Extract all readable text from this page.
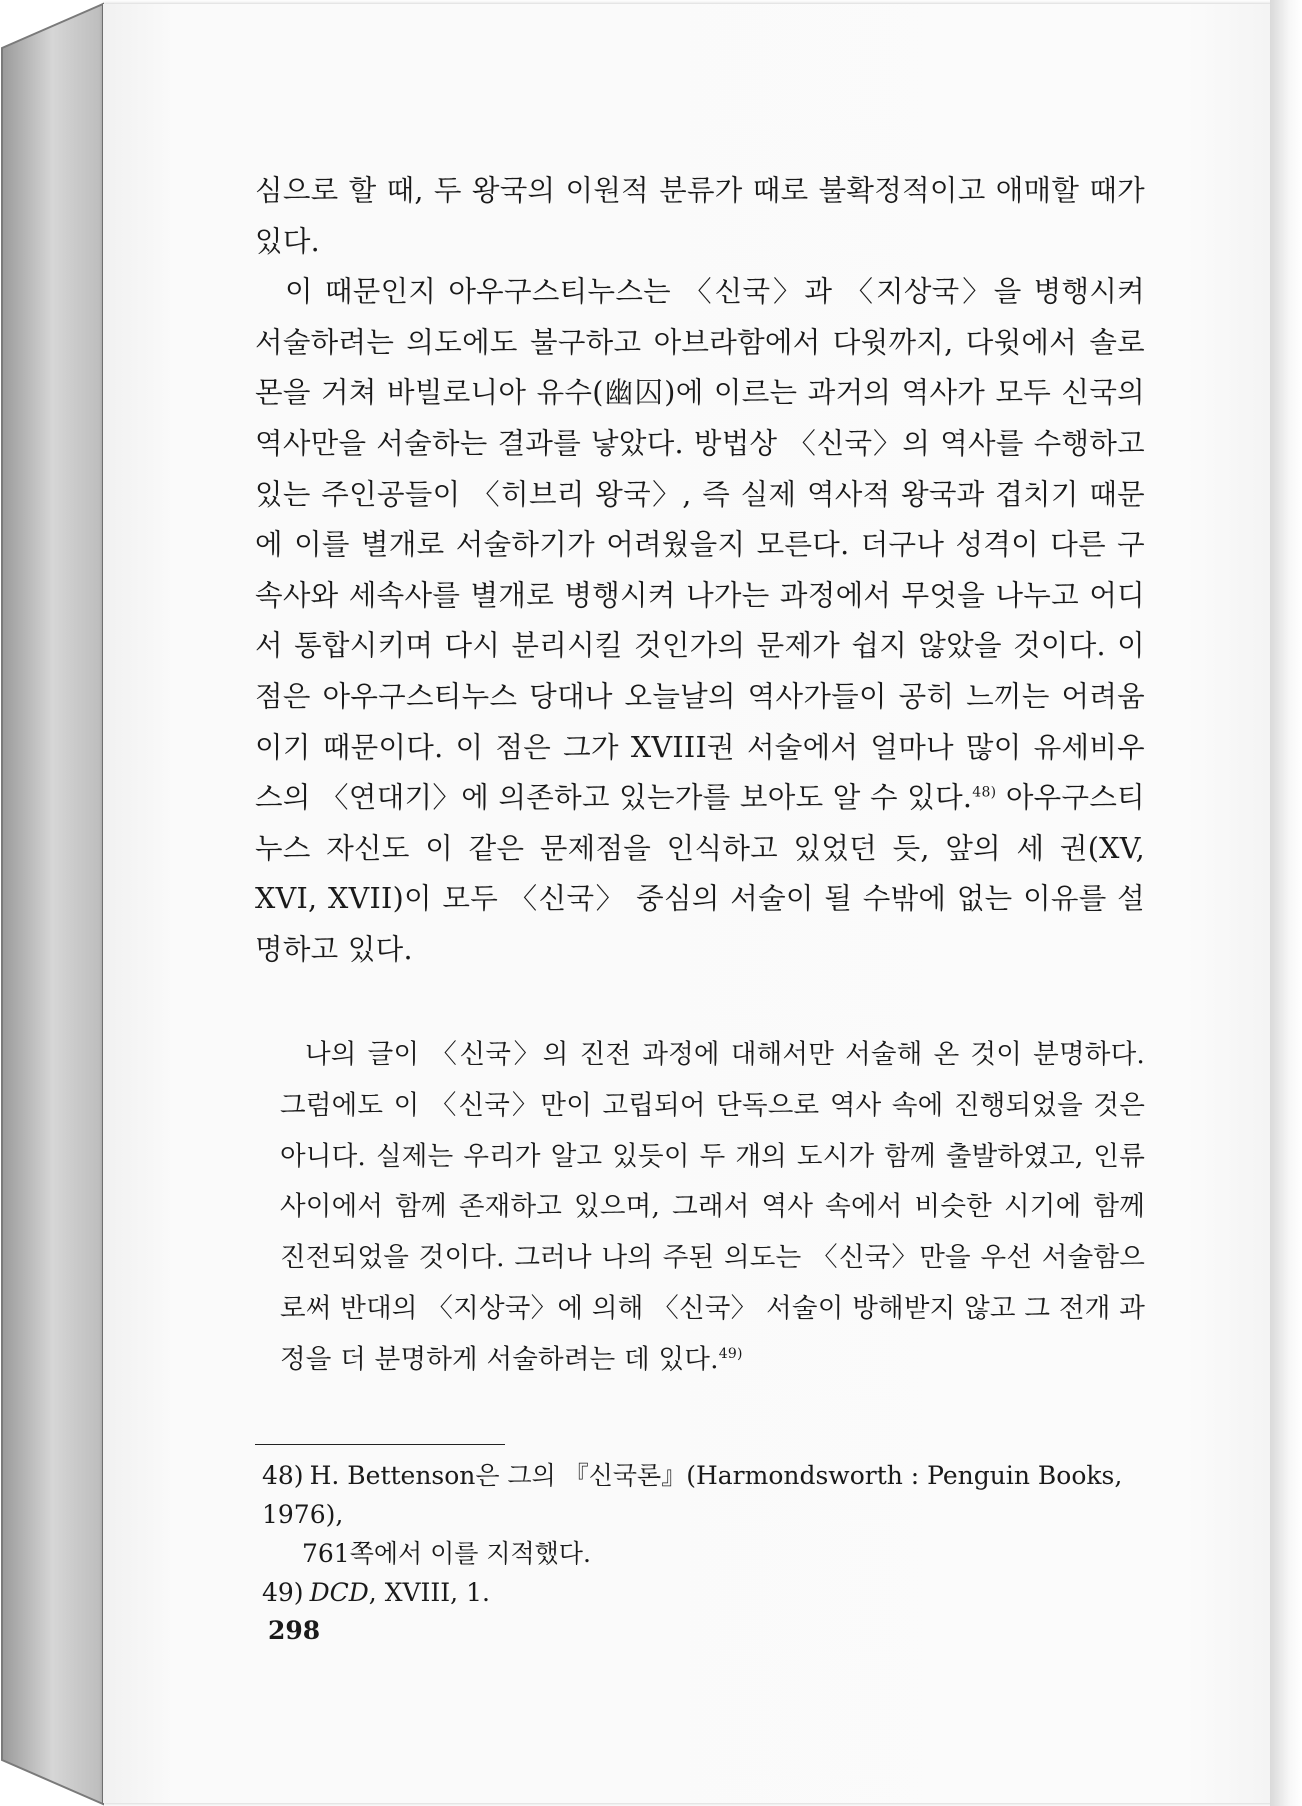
심으로 할 때, 두 왕국의 이원적 분류가 때로 불확정적이고 애매할 때가 있다.

이 때문인지 아우구스티누스는 〈신국〉과 〈지상국〉을 병행시켜 서술하려는 의도에도 불구하고 아브라함에서 다윗까지, 다윗에서 솔로몬을 거쳐 바빌로니아 유수(幽囚)에 이르는 과거의 역사가 모두 신국의 역사만을 서술하는 결과를 낳았다. 방법상 〈신국〉의 역사를 수행하고 있는 주인공들이 〈히브리 왕국〉, 즉 실제 역사적 왕국과 겹치기 때문에 이를 별개로 서술하기가 어려웠을지 모른다. 더구나 성격이 다른 구속사와 세속사를 별개로 병행시켜 나가는 과정에서 무엇을 나누고 어디서 통합시키며 다시 분리시킬 것인가의 문제가 쉽지 않았을 것이다. 이 점은 아우구스티누스 당대나 오늘날의 역사가들이 공히 느끼는 어려움이기 때문이다. 이 점은 그가 XVIII권 서술에서 얼마나 많이 유세비우스의 〈연대기〉에 의존하고 있는가를 보아도 알 수 있다.$^{48)}$ 아우구스티누스 자신도 이 같은 문제점을 인식하고 있었던 듯, 앞의 세 권(XV, XVI, XVII)이 모두 〈신국〉 중심의 서술이 될 수밖에 없는 이유를 설명하고 있다.

나의 글이 〈신국〉의 진전 과정에 대해서만 서술해 온 것이 분명하다. 그럼에도 이 〈신국〉만이 고립되어 단독으로 역사 속에 진행되었을 것은 아니다. 실제는 우리가 알고 있듯이 두 개의 도시가 함께 출발하였고, 인류 사이에서 함께 존재하고 있으며, 그래서 역사 속에서 비슷한 시기에 함께 진전되었을 것이다. 그러나 나의 주된 의도는 〈신국〉만을 우선 서술함으로써 반대의 〈지상국〉에 의해 〈신국〉 서술이 방해받지 않고 그 전개 과정을 더 분명하게 서술하려는 데 있다.$^{49)}$

48) H. Bettenson은 그의 『신국론』(Harmondsworth : Penguin Books, 1976),
761쪽에서 이를 지적했다.

49) DCD, XVIII, 1.

298
